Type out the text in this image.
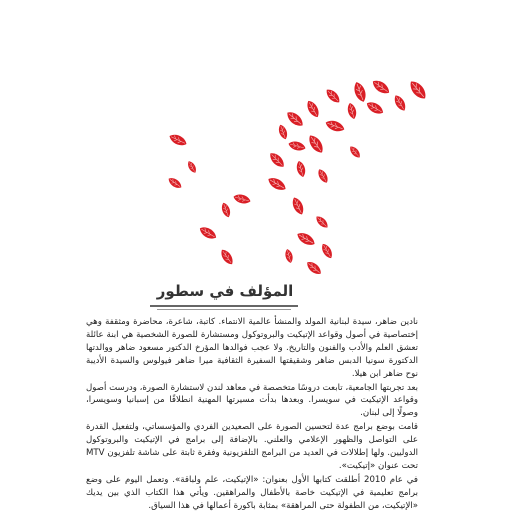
المؤلف في سطور

نادين ضاهر، سيدة لبنانية المولد والمنشأ عالمية الانتماء. كاتبة، شاعرة، محاضرة ومثقفة وهي إختصاصية في أصول وقواعد الإتيكيت والبروتوكول ومستشارة للصورة الشخصية هي ابنة عائلة تعشق العلم والأدب والفنون والتاريخ. ولا عجب فوالدها المؤرخ الدكتور مسعود ضاهر ووالدتها الدكتورة سونيا الدبس ضاهر وشقيقتها السفيرة الثقافية ميرا ضاهر فيولوس والسيدة الأديبة نوح ضاهر ابن هيلا.

بعد تجربتها الجامعية، تابعت دروسًا متخصصة في معاهد لندن لاستشارة الصورة، ودرست أصول وقواعد الإتيكيت في سويسرا. وبعدها بدأت مسيرتها المهنية انطلاقًا من إسبانيا وسويسرا، وصولًا إلى لبنان.

قامت بوضع برامج عدة لتحسين الصورة على الصعيدين الفردي والمؤسساتي، ولتفعيل القدرة على التواصل والظهور الإعلامي والعلني. بالإضافة إلى برامج في الإتيكيت والبروتوكول الدوليين. ولها إطلالات في العديد من البرامج التلفزيونية وفقرة ثابتة على شاشة تلفزيون MTV تحت عنوان «إتيكيت».

في عام 2010 أطلقت كتابها الأول بعنوان: «الإتيكيت، علم ولباقة». وتعمل اليوم على وضع برامج تعليمية في الإتيكيت خاصة بالأطفال والمراهقين. ويأتي هذا الكتاب الذي بين يديك «الإتيكيت، من الطفولة حتى المراهقة» بمثابة باكورة أعمالها في هذا السياق.
